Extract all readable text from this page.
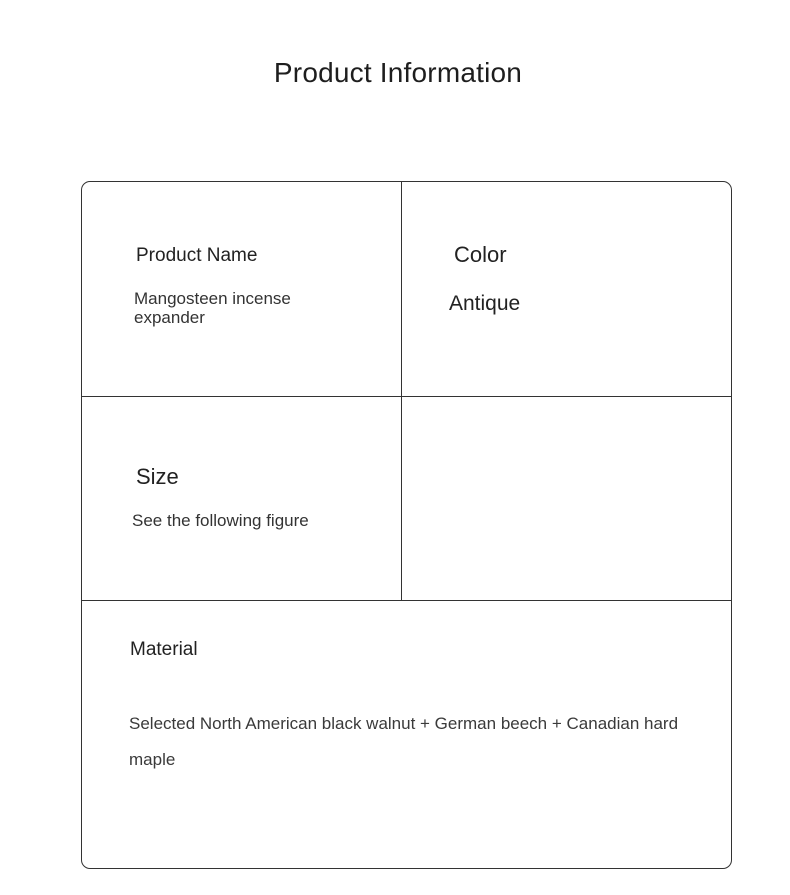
Product Information
Product Name
Mangosteen incense expander
Color
Antique
Size
See the following figure
Material
Selected North American black walnut + German beech + Canadian hard maple
